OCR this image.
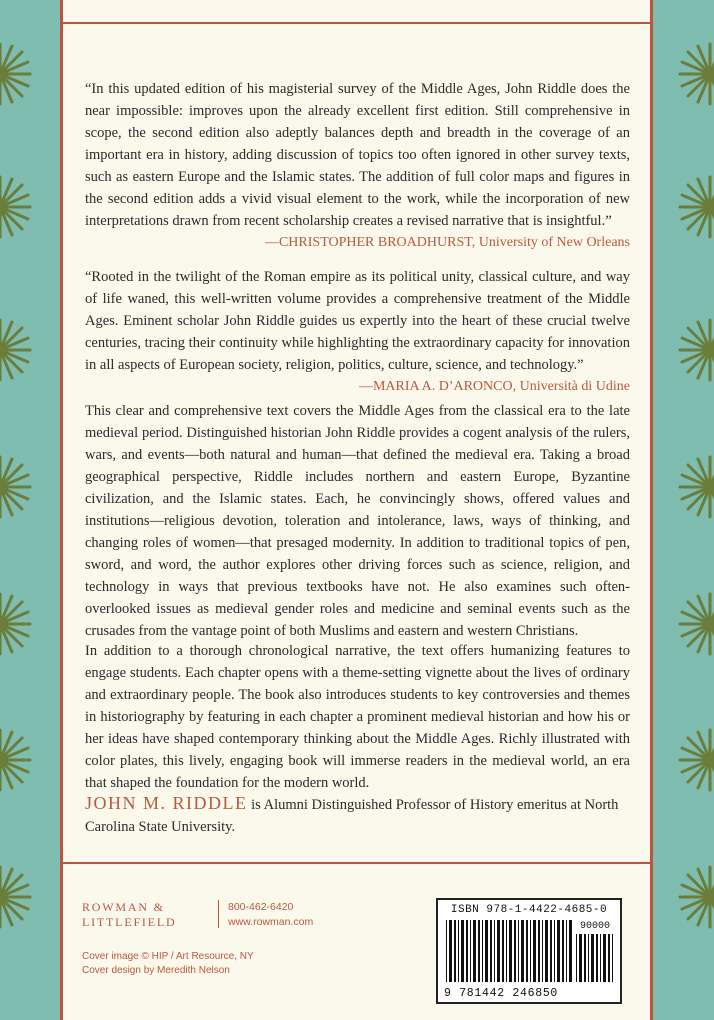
“In this updated edition of his magisterial survey of the Middle Ages, John Riddle does the near impossible: improves upon the already excellent first edition. Still comprehensive in scope, the second edition also adeptly balances depth and breadth in the coverage of an important era in history, adding discussion of topics too often ignored in other survey texts, such as eastern Europe and the Islamic states. The addition of full color maps and figures in the second edition adds a vivid visual element to the work, while the incorporation of new interpretations drawn from recent scholarship creates a revised narrative that is insightful.”

—CHRISTOPHER BROADHURST, University of New Orleans

“Rooted in the twilight of the Roman empire as its political unity, classical culture, and way of life waned, this well-written volume provides a comprehensive treatment of the Middle Ages. Eminent scholar John Riddle guides us expertly into the heart of these crucial twelve centuries, tracing their continuity while highlighting the extraordinary capacity for innovation in all aspects of European society, religion, politics, culture, science, and technology.”

—MARIA A. D’ARONCO, Università di Udine

This clear and comprehensive text covers the Middle Ages from the classical era to the late medieval period. Distinguished historian John Riddle provides a cogent analysis of the rulers, wars, and events—both natural and human—that defined the medieval era. Taking a broad geographical perspective, Riddle includes northern and eastern Europe, Byzantine civilization, and the Islamic states. Each, he convincingly shows, offered values and institutions—religious devotion, toleration and intolerance, laws, ways of thinking, and changing roles of women—that presaged modernity. In addition to traditional topics of pen, sword, and word, the author explores other driving forces such as science, religion, and technology in ways that previous textbooks have not. He also examines such often-overlooked issues as medieval gender roles and medicine and seminal events such as the crusades from the vantage point of both Muslims and eastern and western Christians.

In addition to a thorough chronological narrative, the text offers humanizing features to engage students. Each chapter opens with a theme-setting vignette about the lives of ordinary and extraordinary people. The book also introduces students to key controversies and themes in historiography by featuring in each chapter a prominent medieval historian and how his or her ideas have shaped contemporary thinking about the Middle Ages. Richly illustrated with color plates, this lively, engaging book will immerse readers in the medieval world, an era that shaped the foundation for the modern world.

JOHN M. RIDDLE is Alumni Distinguished Professor of History emeritus at North Carolina State University.

ROWMAN &
LITTLEFIELD
800-462-6420
www.rowman.com
Cover image © HIP / Art Resource, NY
Cover design by Meredith Nelson
ISBN 978-1-4422-4685-0
90000
9 781442 246850
